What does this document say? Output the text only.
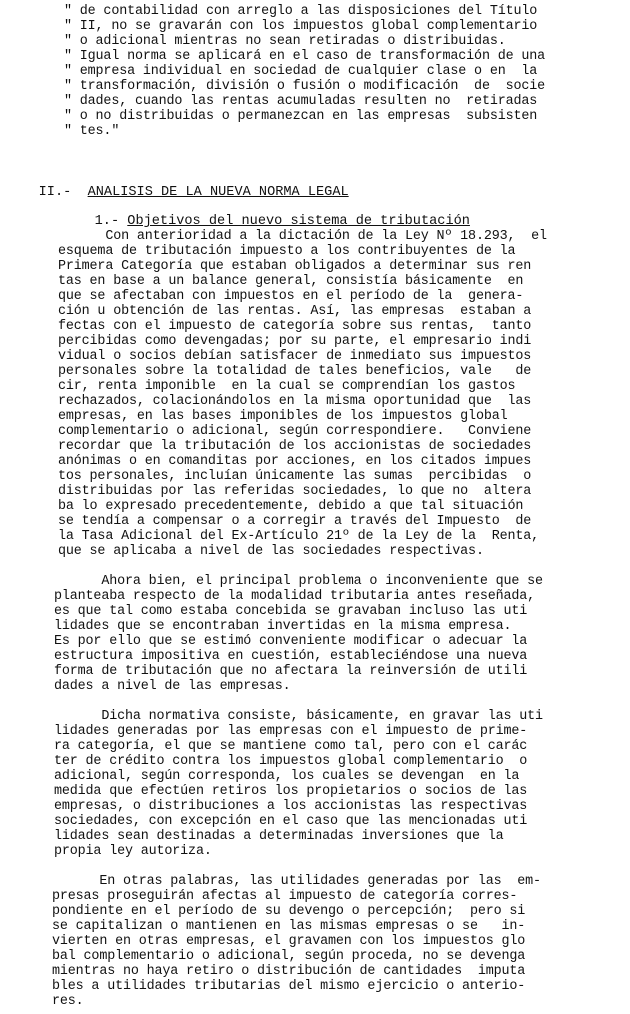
" de contabilidad con arreglo a las disposiciones del Título
" II, no se gravarán con los impuestos global complementario
" o adicional mientras no sean retiradas o distribuidas.
" Igual norma se aplicará en el caso de transformación de una
" empresa individual en sociedad de cualquier clase o en  la
" transformación, división o fusión o modificación  de  socie
" dades, cuando las rentas acumuladas resulten no  retiradas
" o no distribuidas o permanezcan en las empresas  subsisten
" tes."

II.- ANALISIS DE LA NUEVA NORMA LEGAL

1.- Objetivos del nuevo sistema de tributación

Con anterioridad a la dictación de la Ley Nº 18.293,  el
esquema de tributación impuesto a los contribuyentes de la
Primera Categoría que estaban obligados a determinar sus ren
tas en base a un balance general, consistía básicamente  en
que se afectaban con impuestos en el período de la  genera-
ción u obtención de las rentas. Así, las empresas  estaban a
fectas con el impuesto de categoría sobre sus rentas,  tanto
percibidas como devengadas; por su parte, el empresario indi
vidual o socios debían satisfacer de inmediato sus impuestos
personales sobre la totalidad de tales beneficios, vale   de
cir, renta imponible  en la cual se comprendían los gastos
rechazados, colacionándolos en la misma oportunidad que  las
empresas, en las bases imponibles de los impuestos global
complementario o adicional, según correspondiere.   Conviene
recordar que la tributación de los accionistas de sociedades
anónimas o en comanditas por acciones, en los citados impues
tos personales, incluían únicamente las sumas  percibidas  o
distribuidas por las referidas sociedades, lo que no  altera
ba lo expresado precedentemente, debido a que tal situación
se tendía a compensar o a corregir a través del Impuesto  de
la Tasa Adicional del Ex-Artículo 21º de la Ley de la  Renta,
que se aplicaba a nivel de las sociedades respectivas.
Ahora bien, el principal problema o inconveniente que se
planteaba respecto de la modalidad tributaria antes reseñada,
es que tal como estaba concebida se gravaban incluso las uti
lidades que se encontraban invertidas en la misma empresa.
Es por ello que se estimó conveniente modificar o adecuar la
estructura impositiva en cuestión, estableciéndose una nueva
forma de tributación que no afectara la reinversión de utili
dades a nivel de las empresas.
Dicha normativa consiste, básicamente, en gravar las uti
lidades generadas por las empresas con el impuesto de prime-
ra categoría, el que se mantiene como tal, pero con el carác
ter de crédito contra los impuestos global complementario  o
adicional, según corresponda, los cuales se devengan  en la
medida que efectúen retiros los propietarios o socios de las
empresas, o distribuciones a los accionistas las respectivas
sociedades, con excepción en el caso que las mencionadas uti
lidades sean destinadas a determinadas inversiones que la
propia ley autoriza.
En otras palabras, las utilidades generadas por las  em-
presas proseguirán afectas al impuesto de categoría corres-
pondiente en el período de su devengo o percepción;  pero si
se capitalizan o mantienen en las mismas empresas o se   in-
vierten en otras empresas, el gravamen con los impuestos glo
bal complementario o adicional, según proceda, no se devenga
mientras no haya retiro o distribución de cantidades  imputa
bles a utilidades tributarias del mismo ejercicio o anterio-
res.
